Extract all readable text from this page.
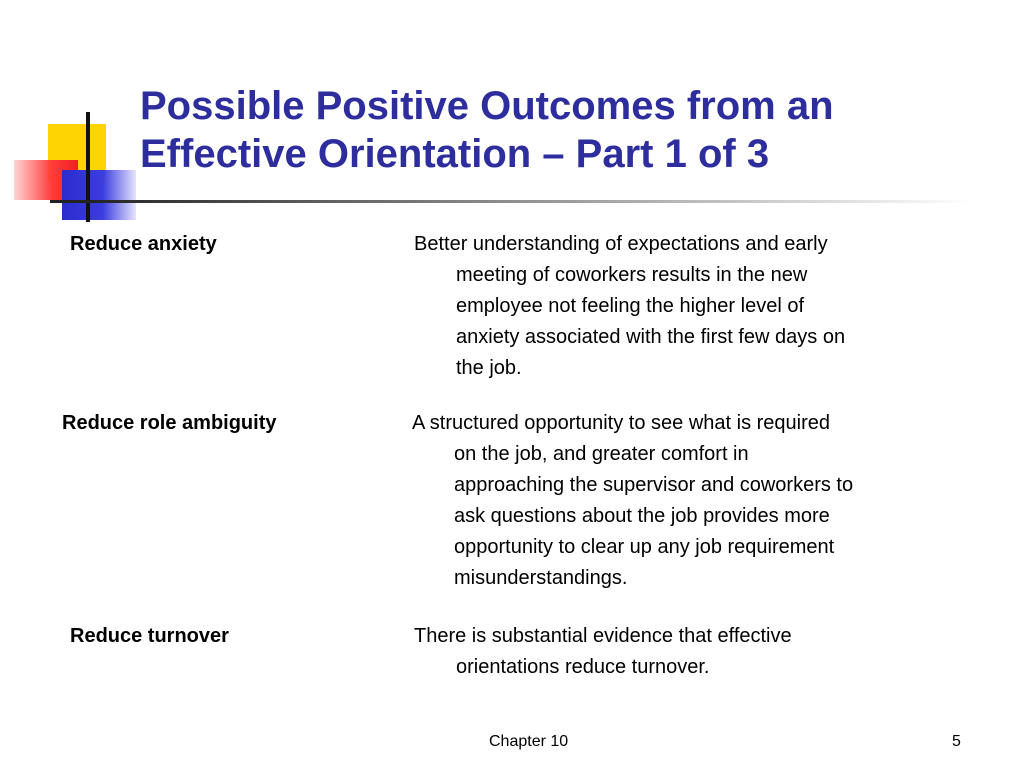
Possible Positive Outcomes from an
Effective Orientation – Part 1 of 3
Reduce anxiety	Better understanding of expectations and early
meeting of coworkers results in the new
employee not feeling the higher level of
anxiety associated with the first few days on
the job.
Reduce role ambiguity	A structured opportunity to see what is required
on the job, and greater comfort in
approaching the supervisor and coworkers to
ask questions about the job provides more
opportunity to clear up any job requirement
misunderstandings.
Reduce turnover	There is substantial evidence that effective
orientations reduce turnover.
Chapter 10	5
